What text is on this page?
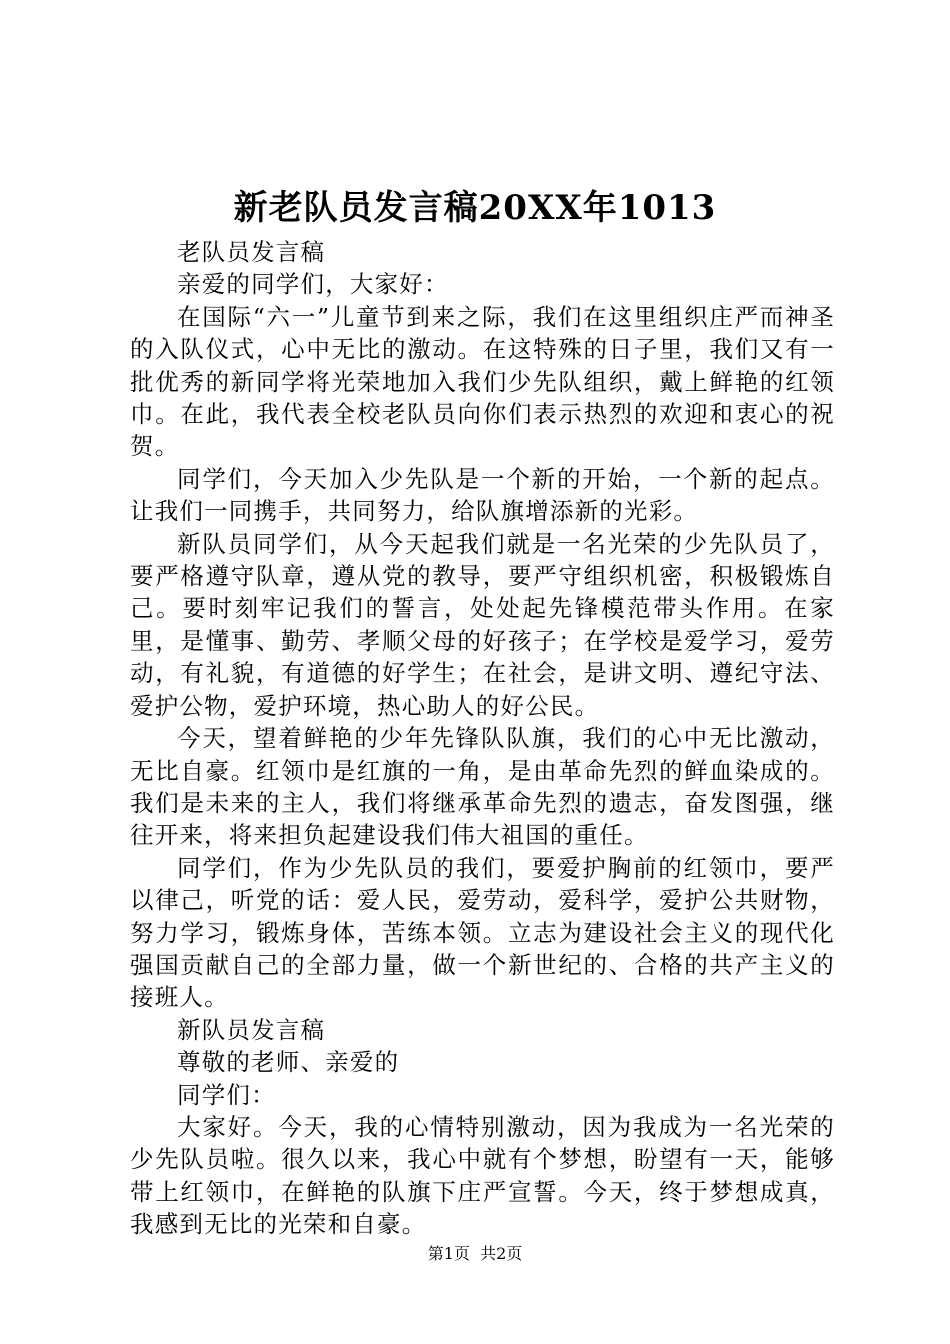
新老队员发言稿20XX年1013

老队员发言稿

亲爱的同学们，大家好：

在国际“六一”儿童节到来之际，我们在这里组织庄严而神圣的入队仪式，心中无比的激动。在这特殊的日子里，我们又有一批优秀的新同学将光荣地加入我们少先队组织，戴上鲜艳的红领巾。在此，我代表全校老队员向你们表示热烈的欢迎和衷心的祝贺。

同学们，今天加入少先队是一个新的开始，一个新的起点。让我们一同携手，共同努力，给队旗增添新的光彩。

新队员同学们，从今天起我们就是一名光荣的少先队员了，要严格遵守队章，遵从党的教导，要严守组织机密，积极锻炼自己。要时刻牢记我们的誓言，处处起先锋模范带头作用。在家里，是懂事、勤劳、孝顺父母的好孩子；在学校是爱学习，爱劳动，有礼貌，有道德的好学生；在社会，是讲文明、遵纪守法、爱护公物，爱护环境，热心助人的好公民。

今天，望着鲜艳的少年先锋队队旗，我们的心中无比激动，无比自豪。红领巾是红旗的一角，是由革命先烈的鲜血染成的。我们是未来的主人，我们将继承革命先烈的遗志，奋发图强，继往开来，将来担负起建设我们伟大祖国的重任。

同学们，作为少先队员的我们，要爱护胸前的红领巾，要严以律己，听党的话：爱人民，爱劳动，爱科学，爱护公共财物，努力学习，锻炼身体，苦练本领。立志为建设社会主义的现代化强国贡献自己的全部力量，做一个新世纪的、合格的共产主义的接班人。

新队员发言稿

尊敬的老师、亲爱的

同学们：

大家好。今天，我的心情特别激动，因为我成为一名光荣的少先队员啦。很久以来，我心中就有个梦想，盼望有一天，能够带上红领巾，在鲜艳的队旗下庄严宣誓。今天，终于梦想成真，我感到无比的光荣和自豪。

第1页 共2页
